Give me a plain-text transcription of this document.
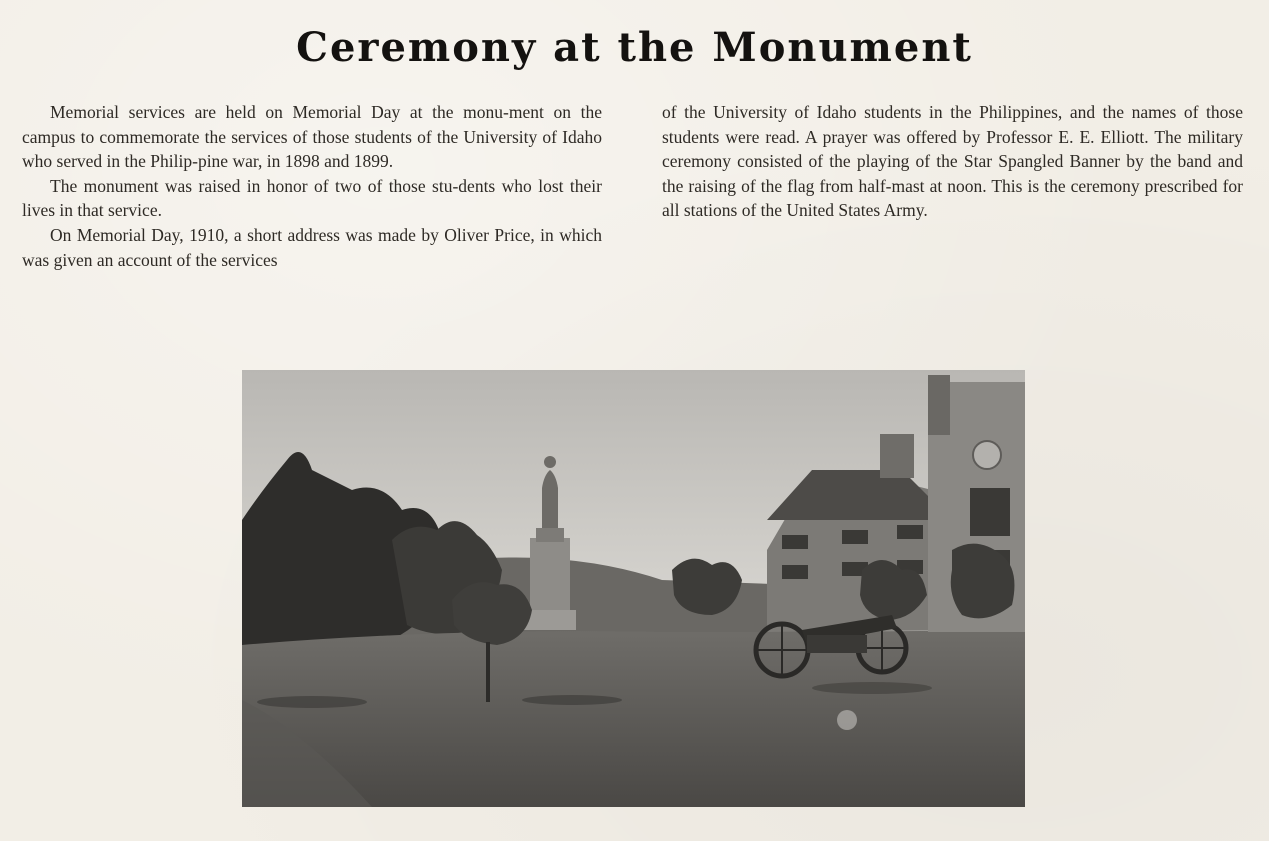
Ceremony at the Monument

Memorial services are held on Memorial Day at the monu-ment on the campus to commemorate the services of those students of the University of Idaho who served in the Philip-pine war, in 1898 and 1899.

The monument was raised in honor of two of those stu-dents who lost their lives in that service.

On Memorial Day, 1910, a short address was made by Oliver Price, in which was given an account of the services

of the University of Idaho students in the Philippines, and the names of those students were read. A prayer was offered by Professor E. E. Elliott. The military ceremony consisted of the playing of the Star Spangled Banner by the band and the raising of the flag from half-mast at noon. This is the ceremony prescribed for all stations of the United States Army.
